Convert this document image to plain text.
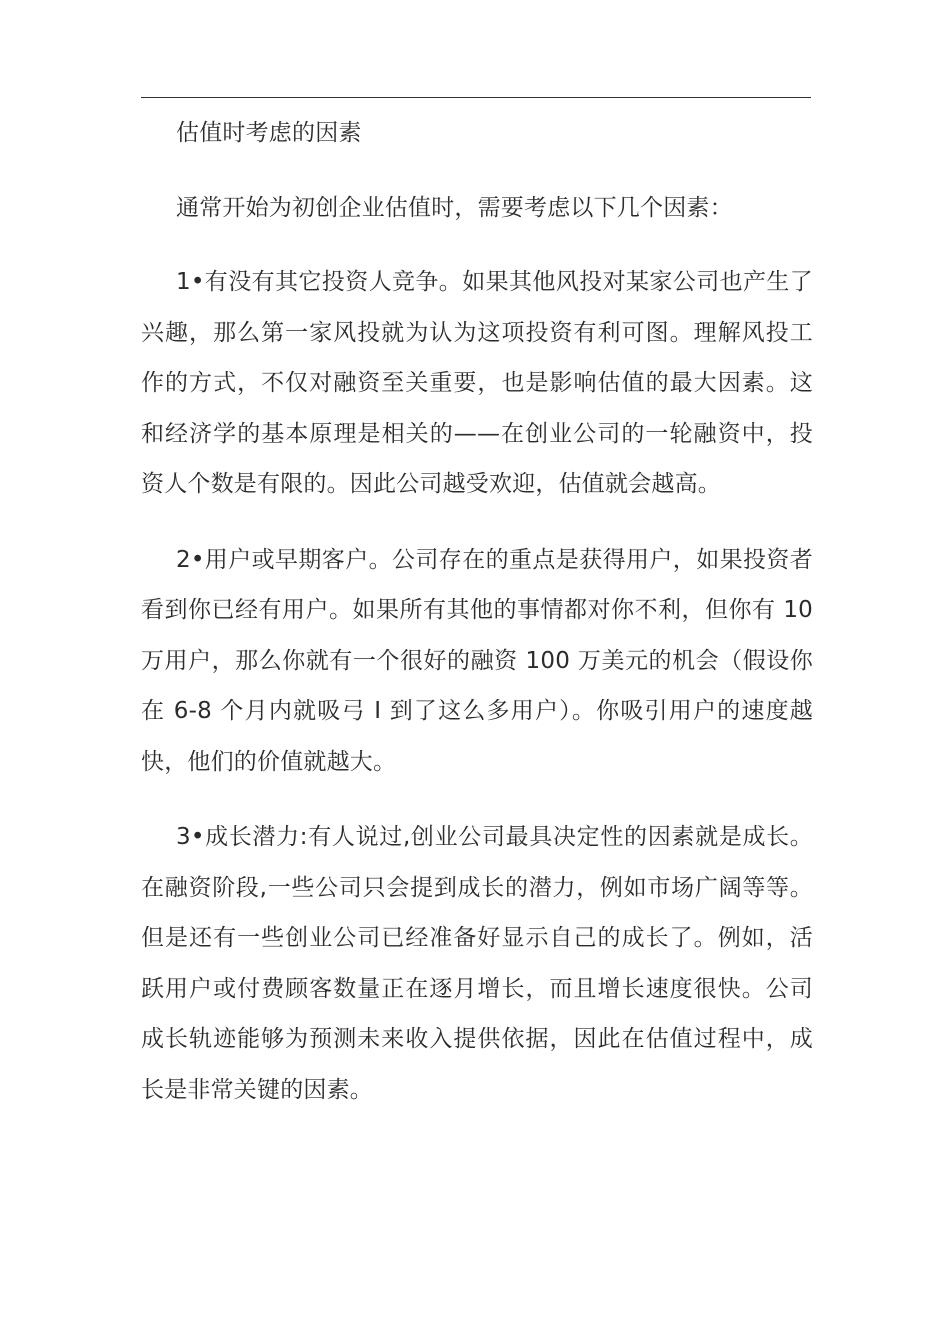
估值时考虑的因素

通常开始为初创企业估值时，需要考虑以下几个因素：

1•有没有其它投资人竞争。如果其他风投对某家公司也产生了兴趣，那么第一家风投就为认为这项投资有利可图。理解风投工作的方式，不仅对融资至关重要，也是影响估值的最大因素。这和经济学的基本原理是相关的——在创业公司的一轮融资中，投资人个数是有限的。因此公司越受欢迎，估值就会越高。

2•用户或早期客户。公司存在的重点是获得用户，如果投资者看到你已经有用户。如果所有其他的事情都对你不利，但你有 10 万用户，那么你就有一个很好的融资 100 万美元的机会（假设你在 6-8 个月内就吸弓 I 到了这么多用户）。你吸引用户的速度越快，他们的价值就越大。

3•成长潜力:有人说过,创业公司最具决定性的因素就是成长。在融资阶段,一些公司只会提到成长的潜力，例如市场广阔等等。但是还有一些创业公司已经准备好显示自己的成长了。例如，活跃用户或付费顾客数量正在逐月增长，而且增长速度很快。公司成长轨迹能够为预测未来收入提供依据，因此在估值过程中，成长是非常关键的因素。
